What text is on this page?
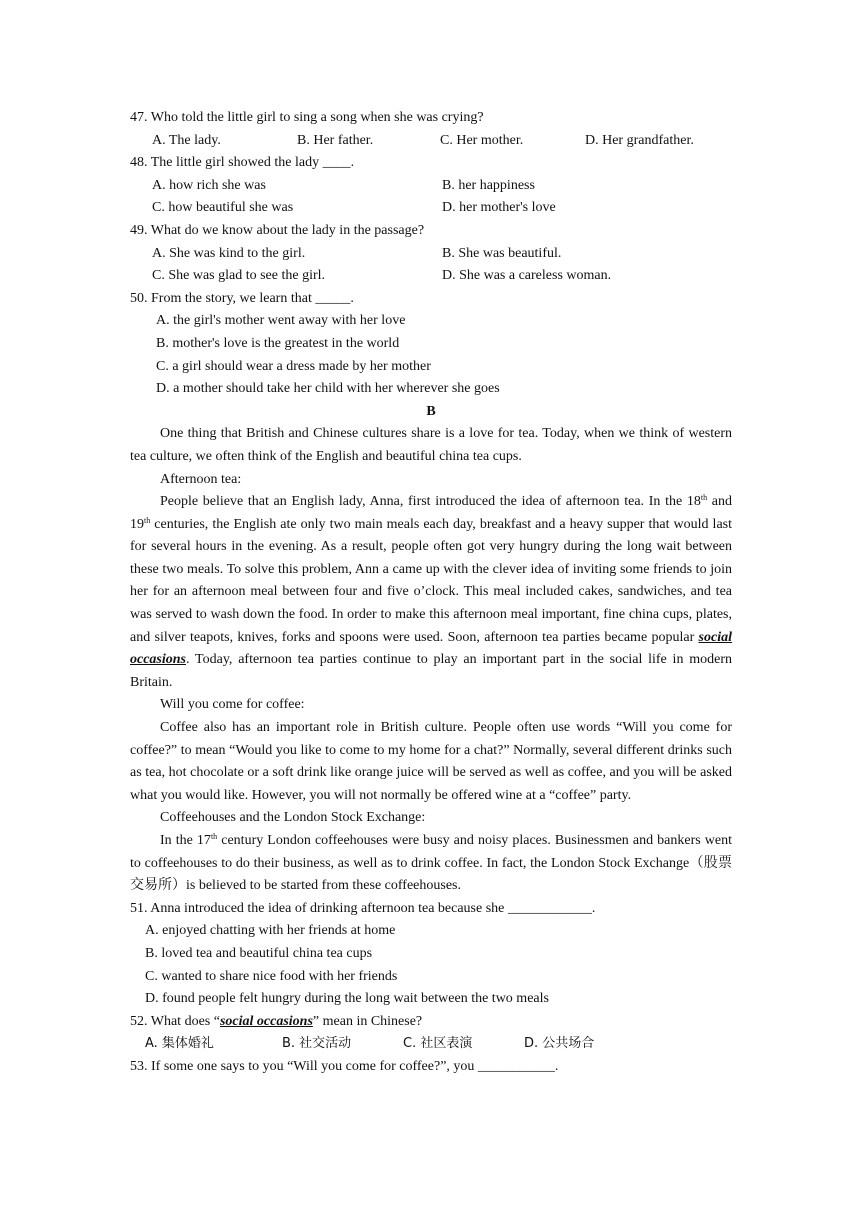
47. Who told the little girl to sing a song when she was crying?
A. The lady.	B. Her father.	C. Her mother.	D. Her grandfather.
48. The little girl showed the lady ____.
A. how rich she was	B. her happiness
C. how beautiful she was	D. her mother's love
49. What do we know about the lady in the passage?
A. She was kind to the girl.	B. She was beautiful.
C. She was glad to see the girl.	D. She was a careless woman.
50. From the story, we learn that _____.
A. the girl's mother went away with her love
B. mother's love is the greatest in the world
C. a girl should wear a dress made by her mother
D. a mother should take her child with her wherever she goes
B

One thing that British and Chinese cultures share is a love for tea. Today, when we think of western tea culture, we often think of the English and beautiful china tea cups.

Afternoon tea:

People believe that an English lady, Anna, first introduced the idea of afternoon tea. In the 18th and 19th centuries, the English ate only two main meals each day, breakfast and a heavy supper that would last for several hours in the evening. As a result, people often got very hungry during the long wait between these two meals. To solve this problem, Ann a came up with the clever idea of inviting some friends to join her for an afternoon meal between four and five o’clock. This meal included cakes, sandwiches, and tea was served to wash down the food. In order to make this afternoon meal important, fine china cups, plates, and silver teapots, knives, forks and spoons were used. Soon, afternoon tea parties became popular social occasions. Today, afternoon tea parties continue to play an important part in the social life in modern Britain.

Will you come for coffee:

Coffee also has an important role in British culture. People often use words “Will you come for coffee?” to mean “Would you like to come to my home for a chat?” Normally, several different drinks such as tea, hot chocolate or a soft drink like orange juice will be served as well as coffee, and you will be asked what you would like. However, you will not normally be offered wine at a “coffee” party.

Coffeehouses and the London Stock Exchange:

In the 17th century London coffeehouses were busy and noisy places. Businessmen and bankers went to coffeehouses to do their business, as well as to drink coffee. In fact, the London Stock Exchange（股票交易所）is believed to be started from these coffeehouses.

51. Anna introduced the idea of drinking afternoon tea because she ____________.
A. enjoyed chatting with her friends at home
B. loved tea and beautiful china tea cups
C. wanted to share nice food with her friends
D. found people felt hungry during the long wait between the two meals
52. What does “social occasions” mean in Chinese?
A. 集体婚礼	B. 社交活动	C. 社区表演	D. 公共场合
53. If some one says to you “Will you come for coffee?”, you ___________.
